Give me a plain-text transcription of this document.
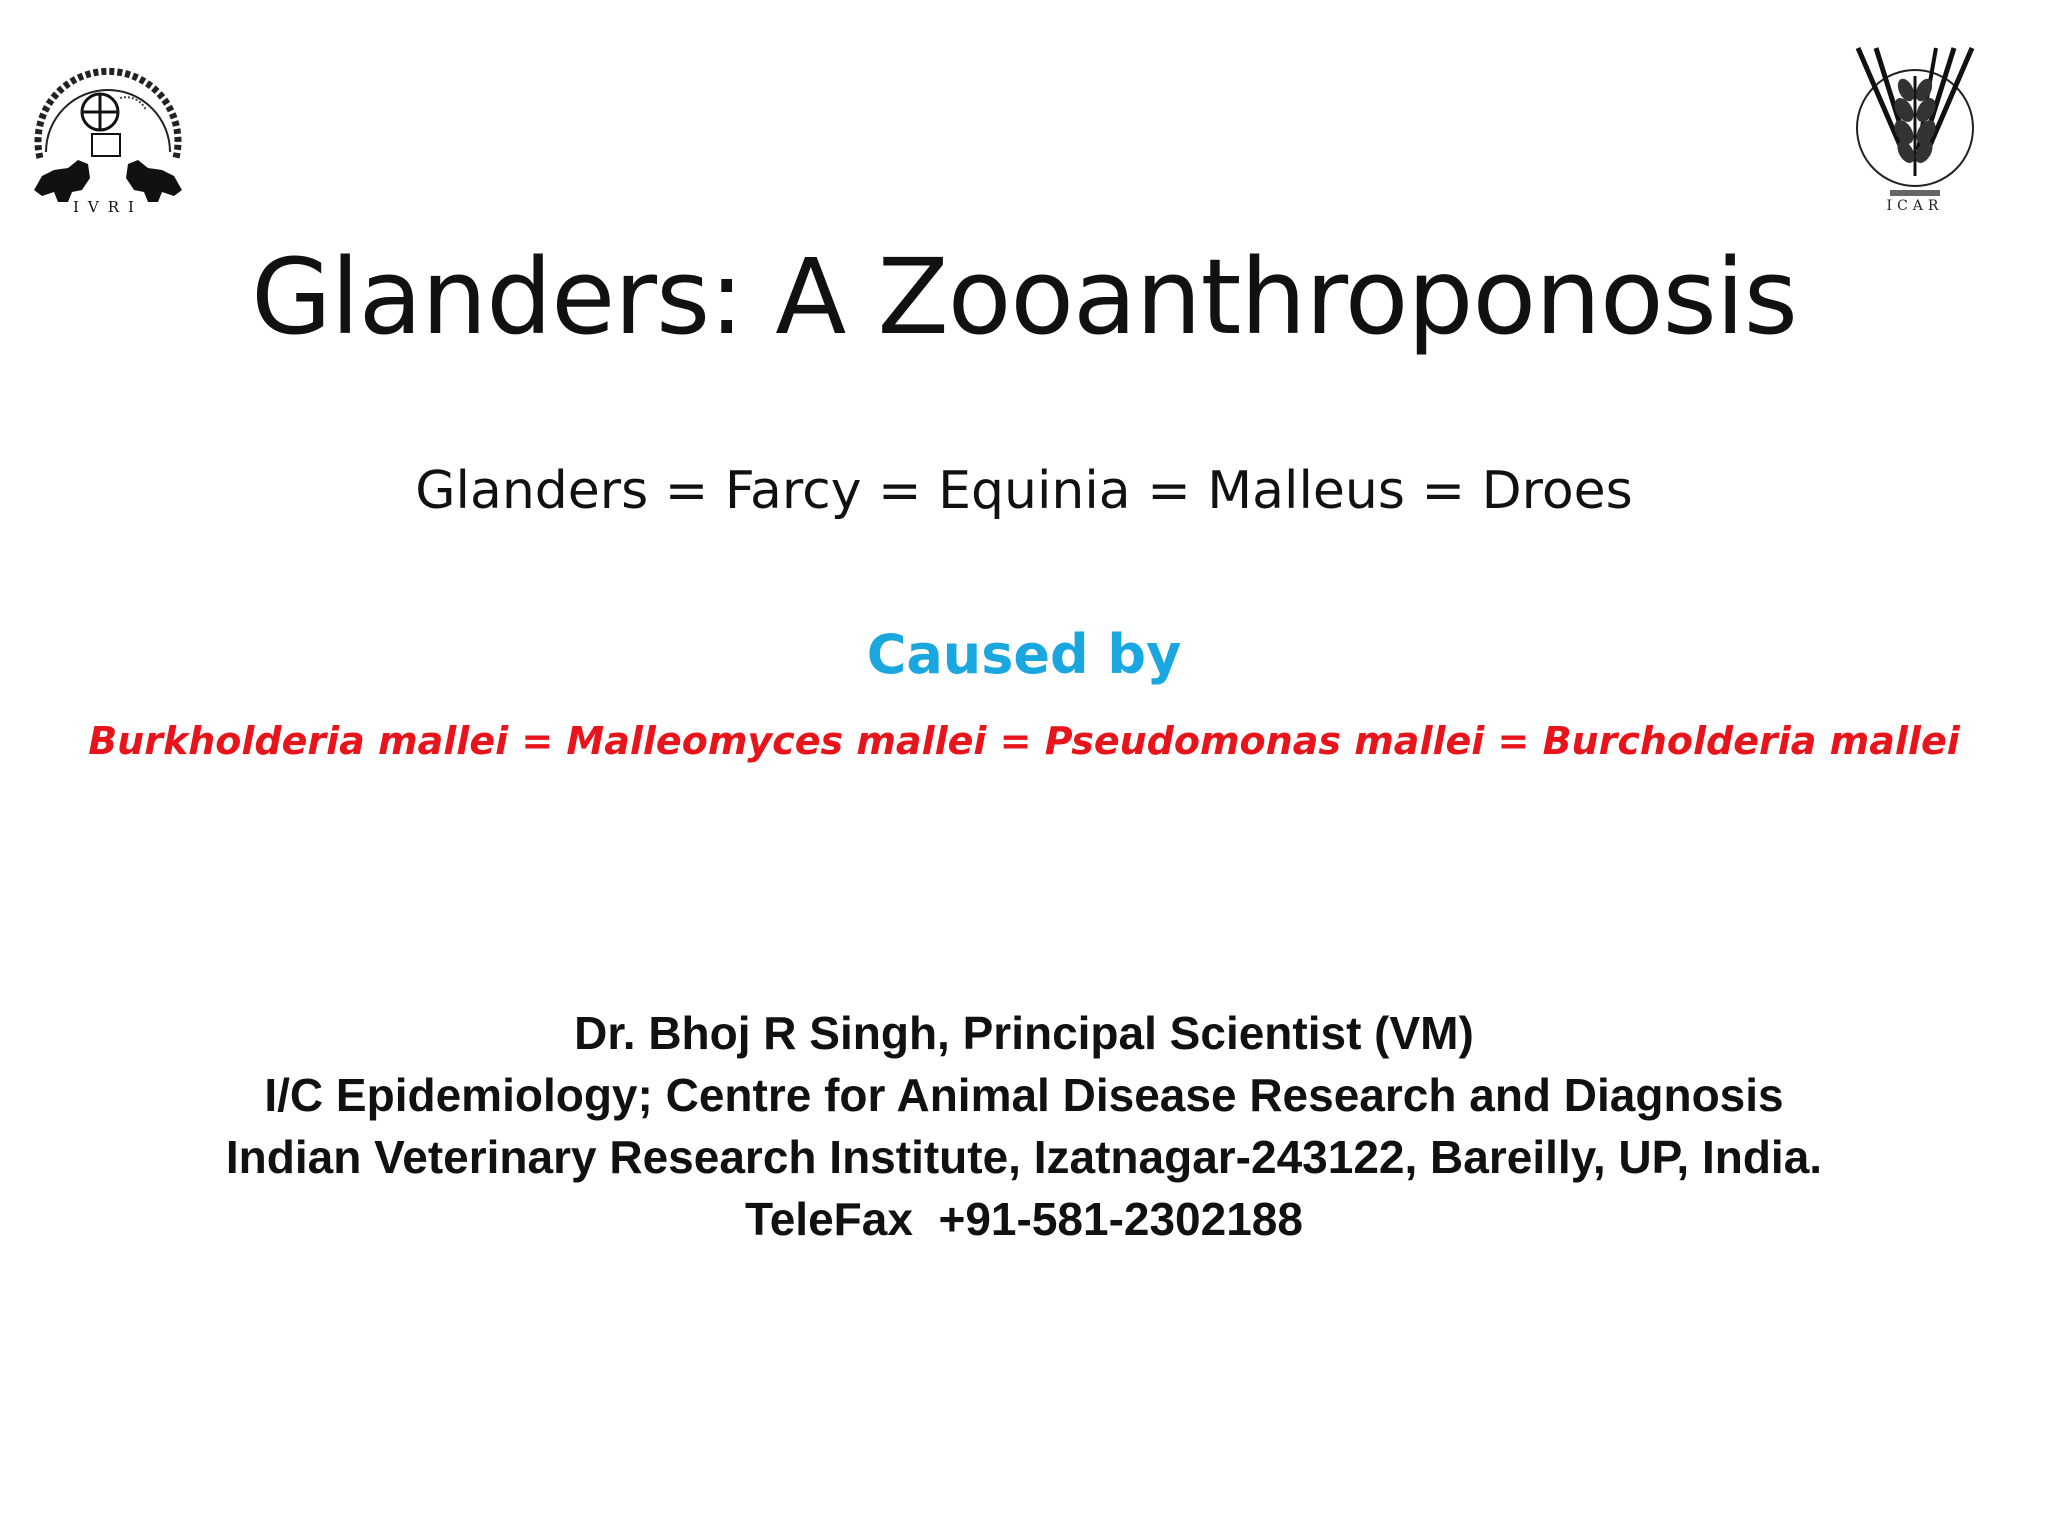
IVRI	ICAR
Glanders: A Zooanthroponosis
Glanders = Farcy = Equinia = Malleus = Droes
Caused by
Burkholderia mallei = Malleomyces mallei = Pseudomonas mallei = Burcholderia mallei
Dr. Bhoj R Singh, Principal Scientist (VM)
I/C Epidemiology; Centre for Animal Disease Research and Diagnosis
Indian Veterinary Research Institute, Izatnagar-243122, Bareilly, UP, India.
TeleFax  +91-581-2302188
